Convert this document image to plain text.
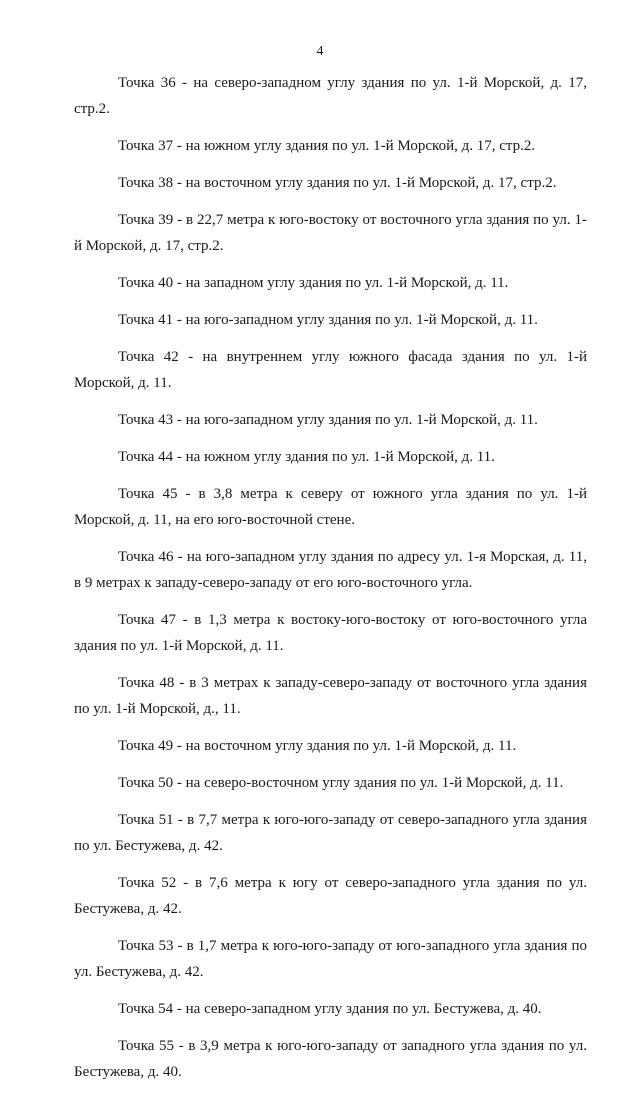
4

Точка 36 - на северо-западном углу здания по ул. 1-й Морской, д. 17, стр.2.

Точка 37 - на южном углу здания по ул. 1-й Морской, д. 17, стр.2.

Точка 38 - на восточном углу здания по ул. 1-й Морской, д. 17, стр.2.

Точка 39 - в 22,7 метра к юго-востоку от восточного угла здания по ул. 1-й Морской, д. 17, стр.2.

Точка 40 - на западном углу здания по ул. 1-й Морской, д. 11.

Точка 41 - на юго-западном углу здания по ул. 1-й Морской, д. 11.

Точка 42 - на внутреннем углу южного фасада здания по ул. 1-й Морской, д. 11.

Точка 43 - на юго-западном углу здания по ул. 1-й Морской, д. 11.

Точка 44 - на южном углу здания по ул. 1-й Морской, д. 11.

Точка 45 - в 3,8 метра к северу от южного угла здания по ул. 1-й Морской, д. 11, на его юго-восточной стене.

Точка 46 - на юго-западном углу здания по адресу ул. 1-я Морская, д. 11, в 9 метрах к западу-северо-западу от его юго-восточного угла.

Точка 47 - в 1,3 метра к востоку-юго-востоку от юго-восточного угла здания по ул. 1-й Морской, д. 11.

Точка 48 - в 3 метрах к западу-северо-западу от восточного угла здания по ул. 1-й Морской, д., 11.

Точка 49 - на восточном углу здания по ул. 1-й Морской, д. 11.

Точка 50 - на северо-восточном углу здания по ул. 1-й Морской, д. 11.

Точка 51 - в 7,7 метра к юго-юго-западу от северо-западного угла здания по ул. Бестужева, д. 42.

Точка 52 - в 7,6 метра к югу от северо-западного угла здания по ул. Бестужева, д. 42.

Точка 53 - в 1,7 метра к юго-юго-западу от юго-западного угла здания по ул. Бестужева, д. 42.

Точка 54 - на северо-западном углу здания по ул. Бестужева, д. 40.

Точка 55 - в 3,9 метра к юго-юго-западу от западного угла здания по ул. Бестужева, д. 40.
